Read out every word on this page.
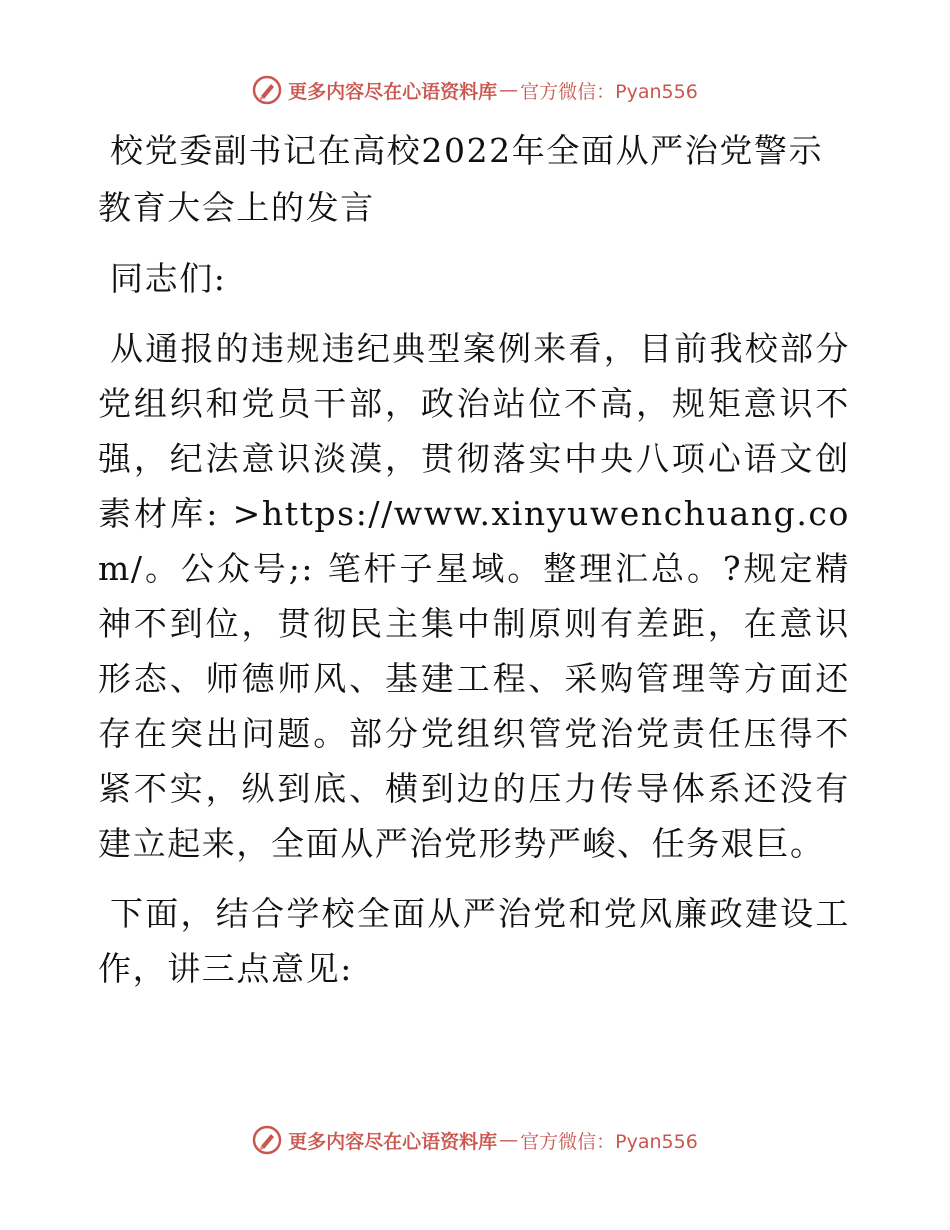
更多内容尽在心语资料库 — 官方微信：Pyan556
校党委副书记在高校2022年全面从严治党警示教育大会上的发言
同志们:
从通报的违规违纪典型案例来看，目前我校部分党组织和党员干部，政治站位不高，规矩意识不强，纪法意识淡漠，贯彻落实中央八项心语文创素材库: >https://www.xinyuwenchuang.com/。公众号;: 笔杆子星域。整理汇总。?规定精神不到位，贯彻民主集中制原则有差距，在意识形态、师德师风、基建工程、采购管理等方面还存在突出问题。部分党组织管党治党责任压得不紧不实，纵到底、横到边的压力传导体系还没有建立起来，全面从严治党形势严峻、任务艰巨。
下面，结合学校全面从严治党和党风廉政建设工作，讲三点意见:
更多内容尽在心语资料库 — 官方微信：Pyan556
